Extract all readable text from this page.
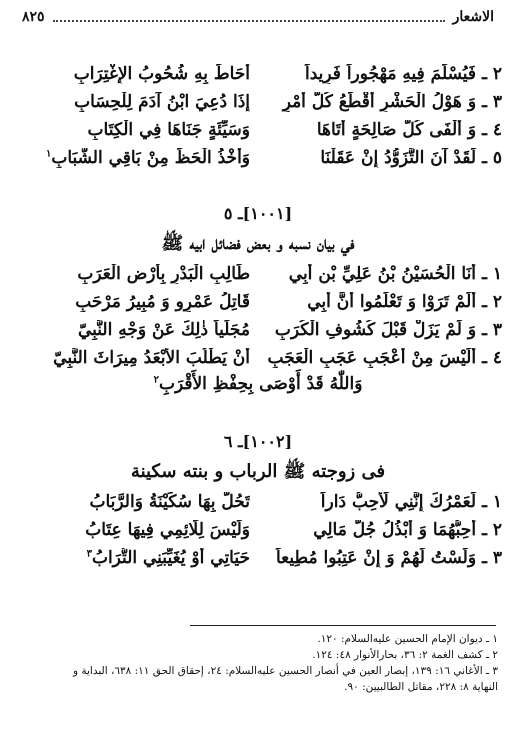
الاشعار
٨٢٥
٢ ـ فَيُسْلَمَ فِيهِ مَهْجُوراً فَرِيداً
أَحَاطَ بِهِ شُحُوبُ الإِغْتِرَابِ
٣ ـ وَ هَوْلُ الْحَشْرِ أَقْطَعُ كُلَّ أَمْرٍ
إِذَا دُعِيَ ابْنُ آدَمَ لِلْحِسَابِ
٤ ـ وَ أَلْفَى كُلَّ صَالِحَةٍ أَتَاهَا
وَسَيِّئَةٍ جَنَاهَا فِي الْكِتَابِ
٥ ـ لَقَدْ آنَ التَّزَوُّدُ إِنْ عَقَلْنَا
وَأَخْذُ الْحَظِّ مِنْ بَاقِي الشَّبَابِ$^١$
[١٠٠١]ـ ٥
في بيان نسبه و بعض فضائل ابيه ﷺ
١ ـ أَنَا الْحُسَيْنُ بْنُ عَلِيِّ بْنِ أَبِي
طَالِبِ الْبَدْرِ بِأَرْضِ الْعَرَبِ
٢ ـ أَلَمْ تَرَوْا وَ تَعْلَمُوا أَنَّ أَبِي
قَاتِلُ عَمْرٍو وَ مُبِيرُ مَرْحَبِ
٣ ـ وَ لَمْ يَزَلْ قَبْلَ كُشُوفِ الْكُرَبِ
مُجَلِّياً ذٰلِكَ عَنْ وَجْهِ النَّبِيّ
٤ ـ أَلَيْسَ مِنْ أَعْجَبِ عَجَبِ الْعَجَبِ
أَنْ يَطْلُبَ الأَبْعَدُ مِيرَاثَ النَّبِيّ
وَاللّٰهُ قَدْ أَوْصَى بِحِفْظِ الأَقْرَبِ$^٢$
[١٠٠٢]ـ ٦
فى زوجته ﷺ الرباب و بنته سكينة
١ ـ لَعَمْرُكَ إِنَّنِي لَأُحِبُّ دَاراً
تَحُلُّ بِهَا سُكَيْنَةُ وَالرَّبَابُ
٢ ـ أُحِبُّهُمَا وَ أَبْذُلُ جُلَّ مَالِي
وَلَيْسَ لِلَائِمِي فِيهَا عِتَابُ
٣ ـ وَلَسْتُ لَهُمْ وَ إِنْ عَتِبُوا مُطِيعاً
حَيَاتِي أَوْ يُغَيِّبَنِي التُّرَابُ$^٣$
١ ـ ديوان الإمام الحسين عليه‌السلام: ١٢٠.
٢ ـ كشف الغمة ٢: ٣٦، بحارالأنوار ٤٨: ١٢٤.
٣ ـ الأغاني ١٦: ١٣٩، إبصار العين في أنصار الحسين عليه‌السلام: ٢٤، إحقاق الحق ١١: ٦٣٨، البداية و
النهاية ٨: ٢٢٨، مقاتل الطالبيين: ٩٠.
